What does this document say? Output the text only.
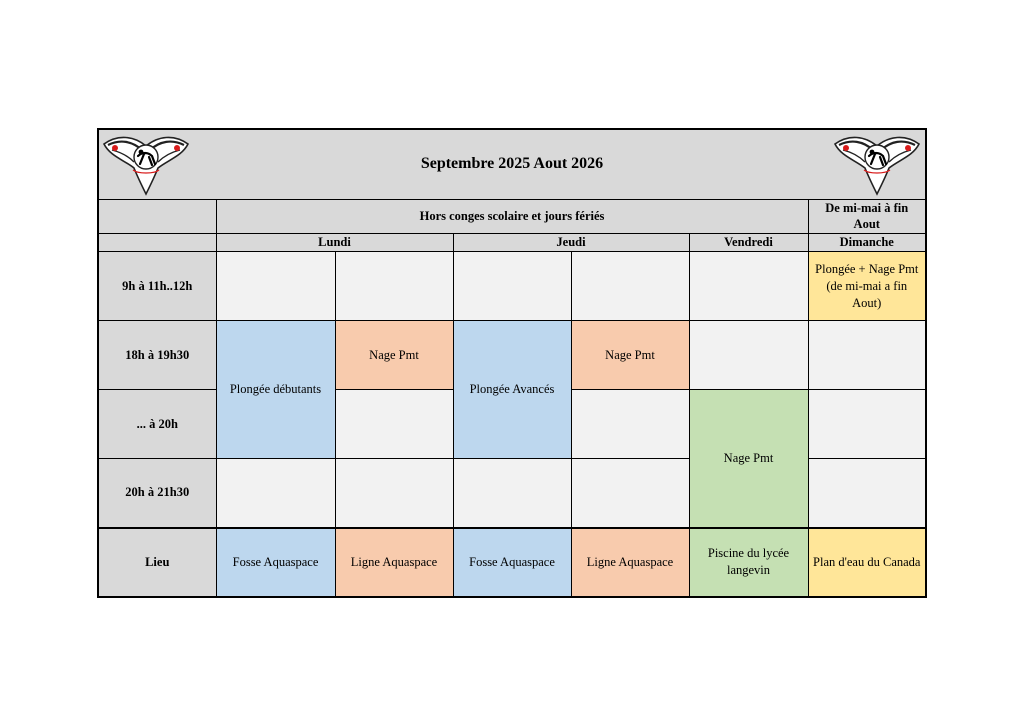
Septembre 2025 Aout 2026						
	Hors conges scolaire et jours fériés					De mi-mai à fin Aout
	Lundi		Jeudi		Vendredi	Dimanche
9h à 11h..12h						Plongée + Nage Pmt (de mi-mai a fin Aout)
18h à 19h30	Plongée débutants	Nage Pmt	Plongée Avancés	Nage Pmt		
... à 20h					Nage Pmt	
20h à 21h30						
Lieu	Fosse Aquaspace	Ligne Aquaspace	Fosse Aquaspace	Ligne Aquaspace	Piscine du lycée langevin	Plan d'eau du Canada
